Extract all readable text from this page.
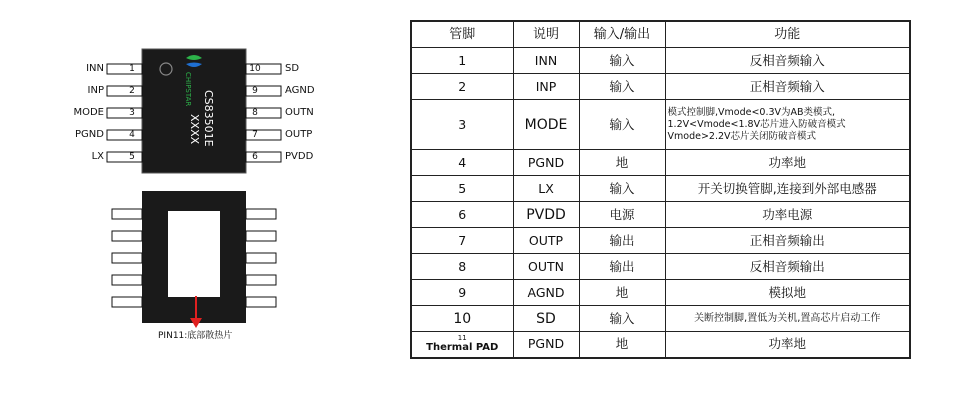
INN
INP
MODE
PGND
LX
1
2
3
4
5
10
9
8
7
6
SD
AGND
OUTN
OUTP
PVDD
CHIPSTAR
CS83501E
XXXX
PIN11:底部散热片
管脚	说明	输入/输出	功能
1	INN	输入	反相音频输入
2	INP	输入	正相音频输入
3	MODE	输入	模式控制脚,Vmode<0.3V为AB类模式,
1.2V<Vmode<1.8V芯片进入防破音模式
Vmode>2.2V芯片关闭防破音模式

4	PGND	地	功率地
5	LX	输入	开关切换管脚,连接到外部电感器
6	PVDD	电源	功率电源
7	OUTP	输出	正相音频输出
8	OUTN	输出	反相音频输出
9	AGND	地	模拟地
10	SD	输入	关断控制脚,置低为关机,置高芯片启动工作

11
Thermal PAD	PGND	地	功率地
